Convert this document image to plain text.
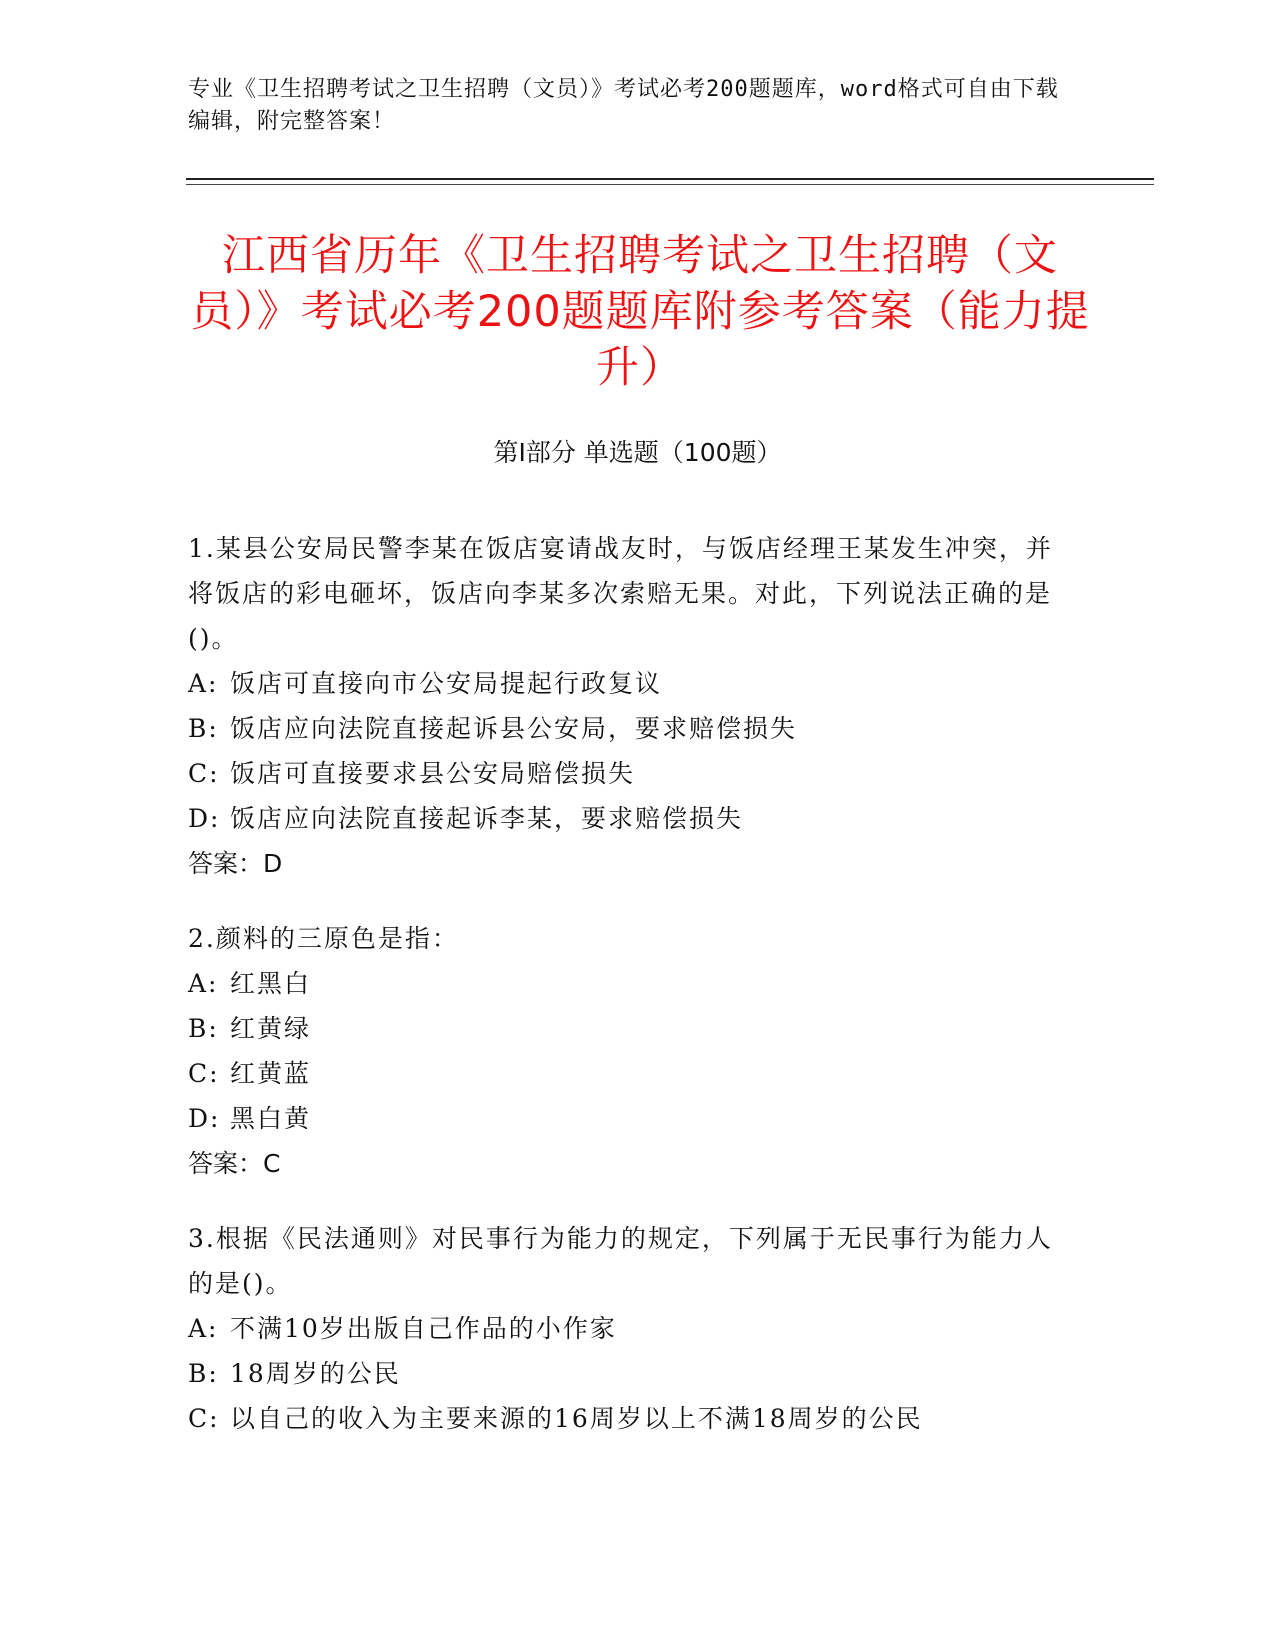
专业《卫生招聘考试之卫生招聘（文员）》考试必考200题题库，word格式可自由下载编辑，附完整答案！
江西省历年《卫生招聘考试之卫生招聘（文员）》考试必考200题题库附参考答案（能力提升）
第I部分 单选题（100题）
1.某县公安局民警李某在饭店宴请战友时，与饭店经理王某发生冲突，并将饭店的彩电砸坏，饭店向李某多次索赔无果。对此，下列说法正确的是()。
A: 饭店可直接向市公安局提起行政复议
B: 饭店应向法院直接起诉县公安局，要求赔偿损失
C: 饭店可直接要求县公安局赔偿损失
D: 饭店应向法院直接起诉李某，要求赔偿损失
答案：D
2.颜料的三原色是指：
A: 红黑白
B: 红黄绿
C: 红黄蓝
D: 黑白黄
答案：C
3.根据《民法通则》对民事行为能力的规定，下列属于无民事行为能力人的是()。
A: 不满10岁出版自己作品的小作家
B: 18周岁的公民
C: 以自己的收入为主要来源的16周岁以上不满18周岁的公民
